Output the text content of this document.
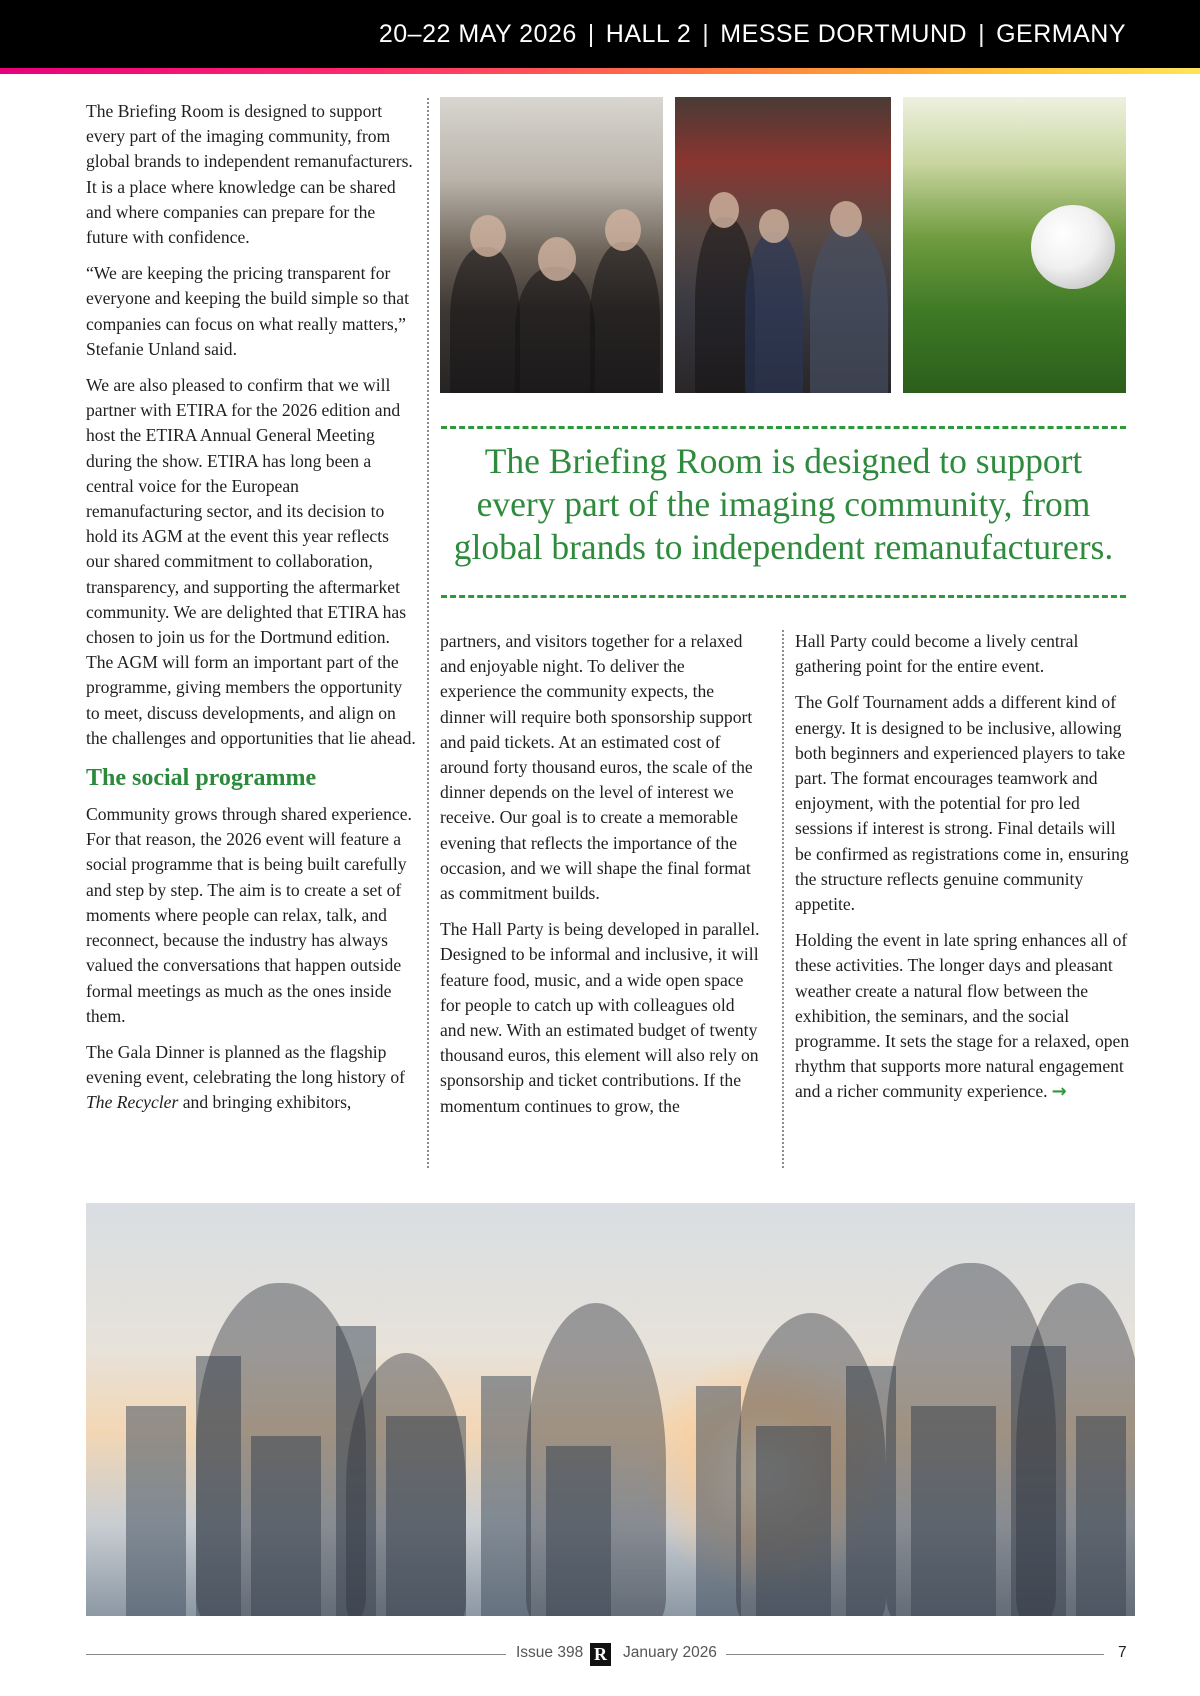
20–22 MAY 2026 | HALL 2 | MESSE DORTMUND | GERMANY

The Briefing Room is designed to support every part of the imaging community, from global brands to independent remanufacturers. It is a place where knowledge can be shared and where companies can prepare for the future with confidence.

“We are keeping the pricing transparent for everyone and keeping the build simple so that companies can focus on what really matters,” Stefanie Unland said.

We are also pleased to confirm that we will partner with ETIRA for the 2026 edition and host the ETIRA Annual General Meeting during the show. ETIRA has long been a central voice for the European remanufacturing sector, and its decision to hold its AGM at the event this year reflects our shared commitment to collaboration, transparency, and supporting the aftermarket community. We are delighted that ETIRA has chosen to join us for the Dortmund edition. The AGM will form an important part of the programme, giving members the opportunity to meet, discuss developments, and align on the challenges and opportunities that lie ahead.

The social programme

Community grows through shared experience. For that reason, the 2026 event will feature a social programme that is being built carefully and step by step. The aim is to create a set of moments where people can relax, talk, and reconnect, because the industry has always valued the conversations that happen outside formal meetings as much as the ones inside them.

The Gala Dinner is planned as the flagship evening event, celebrating the long history of The Recycler and bringing exhibitors,

The Briefing Room is designed to support every part of the imaging community, from global brands to independent remanufacturers.

partners, and visitors together for a relaxed and enjoyable night. To deliver the experience the community expects, the dinner will require both sponsorship support and paid tickets. At an estimated cost of around forty thousand euros, the scale of the dinner depends on the level of interest we receive. Our goal is to create a memorable evening that reflects the importance of the occasion, and we will shape the final format as commitment builds.

The Hall Party is being developed in parallel. Designed to be informal and inclusive, it will feature food, music, and a wide open space for people to catch up with colleagues old and new. With an estimated budget of twenty thousand euros, this element will also rely on sponsorship and ticket contributions. If the momentum continues to grow, the

Hall Party could become a lively central gathering point for the entire event.

The Golf Tournament adds a different kind of energy. It is designed to be inclusive, allowing both beginners and experienced players to take part. The format encourages teamwork and enjoyment, with the potential for pro led sessions if interest is strong. Final details will be confirmed as registrations come in, ensuring the structure reflects genuine community appetite.

Holding the event in late spring enhances all of these activities. The longer days and pleasant weather create a natural flow between the exhibition, the seminars, and the social programme. It sets the stage for a relaxed, open rhythm that supports more natural engagement and a richer community experience. →

Issue 398 R January 2026	7
